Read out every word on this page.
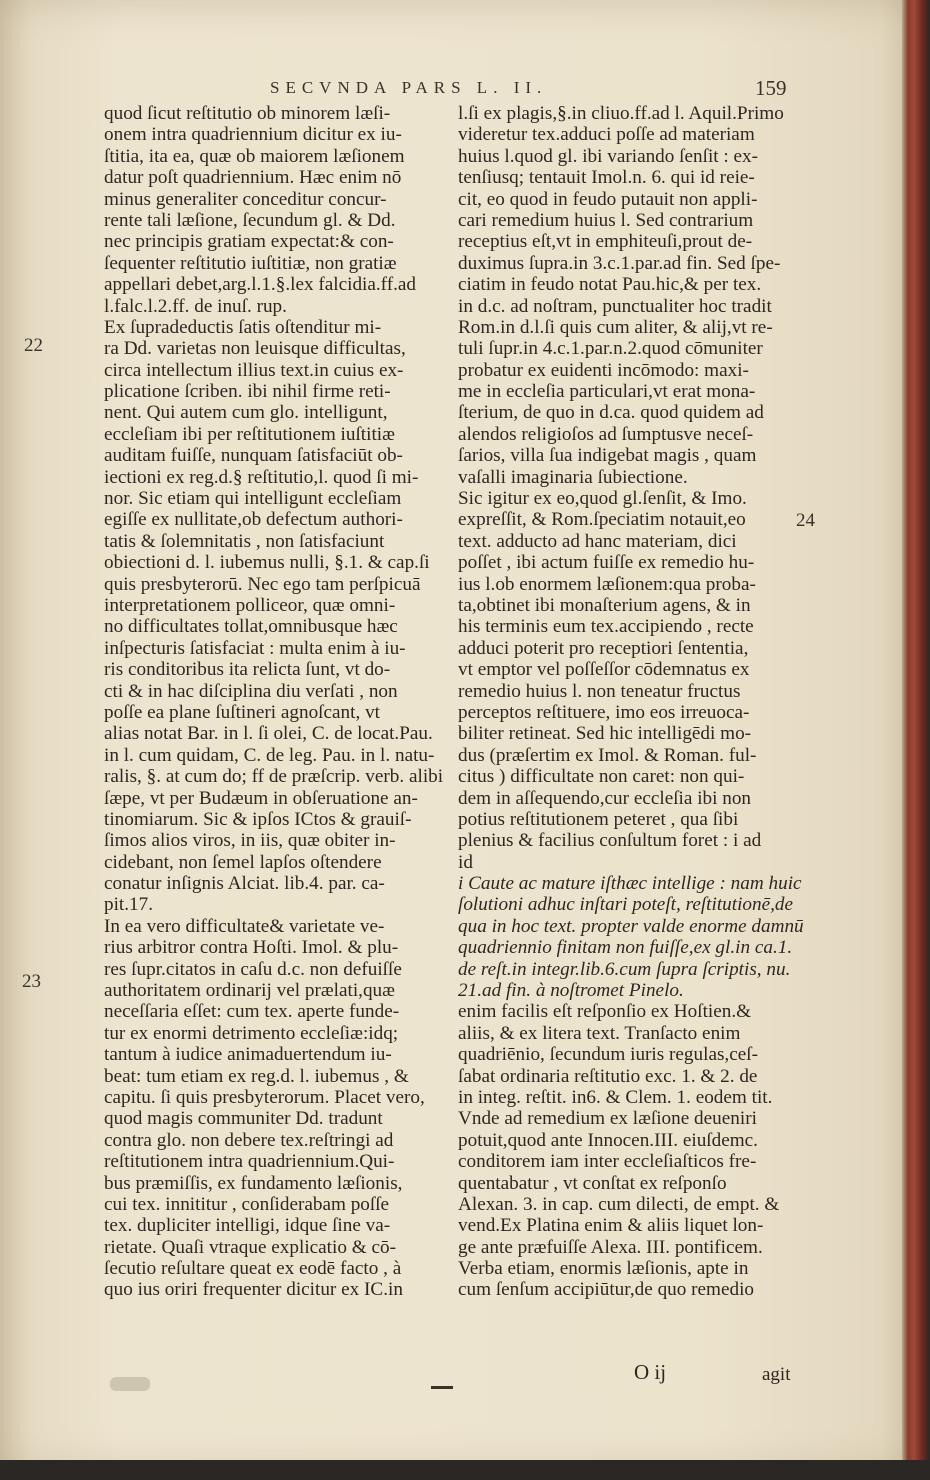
SECVNDA PARS L. II.	159
22
23
24
quod ſicut reſtitutio ob minorem læſi-
onem intra quadriennium dicitur ex iu-
ſtitia, ita ea, quæ ob maiorem læſionem
datur poſt quadriennium. Hæc enim nō
minus generaliter conceditur concur-
rente tali læſione, ſecundum gl. & Dd.
nec principis gratiam expectat:& con-
ſequenter reſtitutio iuſtitiæ, non gratiæ
appellari debet,arg.l.1.§.lex falcidia.ff.ad
l.falc.l.2.ff. de inuſ. rup.
Ex ſupradeductis ſatis oſtenditur mi-
ra Dd. varietas non leuisque difficultas,
circa intellectum illius text.in cuius ex-
plicatione ſcriben. ibi nihil firme reti-
nent. Qui autem cum glo. intelligunt,
eccleſiam ibi per reſtitutionem iuſtitiæ
auditam fuiſſe, nunquam ſatisfaciūt ob-
iectioni ex reg.d.§ reſtitutio,l. quod ſi mi-
nor. Sic etiam qui intelligunt eccleſiam
egiſſe ex nullitate,ob defectum authori-
tatis & ſolemnitatis , non ſatisfaciunt
obiectioni d. l. iubemus nulli, §.1. & cap.ſi
quis presbyterorū. Nec ego tam perſpicuā
interpretationem polliceor, quæ omni-
no difficultates tollat,omnibusque hæc
inſpecturis ſatisfaciat : multa enim à iu-
ris conditoribus ita relicta ſunt, vt do-
cti & in hac diſciplina diu verſati , non
poſſe ea plane ſuſtineri agnoſcant, vt
alias notat Bar. in l. ſi olei, C. de locat.Pau.
in l. cum quidam, C. de leg. Pau. in l. natu-
ralis, §. at cum do; ff de præſcrip. verb. alibi
ſæpe, vt per Budæum in obſeruatione an-
tinomiarum. Sic & ipſos ICtos & grauiſ-
ſimos alios viros, in iis, quæ obiter in-
cidebant, non ſemel lapſos oſtendere
conatur inſignis Alciat. lib.4. par. ca-
pit.17.
In ea vero difficultate& varietate ve-
rius arbitror contra Hoſti. Imol. & plu-
res ſupr.citatos in caſu d.c. non defuiſſe
authoritatem ordinarij vel prælati,quæ
neceſſaria eſſet: cum tex. aperte funde-
tur ex enormi detrimento eccleſiæ:idq;
tantum à iudice animaduertendum iu-
beat: tum etiam ex reg.d. l. iubemus , &
capitu. ſi quis presbyterorum. Placet vero,
quod magis communiter Dd. tradunt
contra glo. non debere tex.reſtringi ad
reſtitutionem intra quadriennium.Qui-
bus præmiſſis, ex fundamento læſionis,
cui tex. innititur , conſiderabam poſſe
tex. dupliciter intelligi, idque ſine va-
rietate. Quaſi vtraque explicatio & cō-
ſecutio reſultare queat ex eodē facto , à
quo ius oriri frequenter dicitur ex IC.in
l.ſi ex plagis,§.in cliuo.ff.ad l. Aquil.Primo
videretur tex.adduci poſſe ad materiam
huius l.quod gl. ibi variando ſenſit : ex-
tenſiusq; tentauit Imol.n. 6. qui id reie-
cit, eo quod in feudo putauit non appli-
cari remedium huius l. Sed contrarium
receptius eſt,vt in emphiteuſi,prout de-
duximus ſupra.in 3.c.1.par.ad fin. Sed ſpe-
ciatim in feudo notat Pau.hic,& per tex.
in d.c. ad noſtram, punctualiter hoc tradit
Rom.in d.l.ſi quis cum aliter, & alij,vt re-
tuli ſupr.in 4.c.1.par.n.2.quod cōmuniter
probatur ex euidenti incōmodo: maxi-
me in eccleſia particulari,vt erat mona-
ſterium, de quo in d.ca. quod quidem ad
alendos religioſos ad ſumptusve neceſ-
ſarios, villa ſua indigebat magis , quam
vaſalli imaginaria ſubiectione.
Sic igitur ex eo,quod gl.ſenſit, & Imo.
expreſſit, & Rom.ſpeciatim notauit,eo
text. adducto ad hanc materiam, dici
poſſet , ibi actum fuiſſe ex remedio hu-
ius l.ob enormem læſionem:qua proba-
ta,obtinet ibi monaſterium agens, & in
his terminis eum tex.accipiendo , recte
adduci poterit pro receptiori ſententia,
vt emptor vel poſſeſſor cōdemnatus ex
remedio huius l. non teneatur fructus
perceptos reſtituere, imo eos irreuoca-
biliter retineat. Sed hic intelligēdi mo-
dus (præſertim ex Imol. & Roman. ful-
citus ) difficultate non caret: non qui-
dem in aſſequendo,cur eccleſia ibi non
potius reſtitutionem peteret , qua ſibi
plenius & facilius conſultum foret : i ad
id
i Caute ac mature iſthæc intellige : nam huic
ſolutioni adhuc inſtari poteſt, reſtitutionē,de
qua in hoc text. propter valde enorme damnū
quadriennio finitam non fuiſſe,ex gl.in ca.1.
de reſt.in integr.lib.6.cum ſupra ſcriptis, nu.
21.ad fin. à noſtromet Pinelo.
enim facilis eſt reſponſio ex Hoſtien.&
aliis, & ex litera text. Tranſacto enim
quadriēnio, ſecundum iuris regulas,ceſ-
ſabat ordinaria reſtitutio exc. 1. & 2. de
in integ. reſtit. in6. & Clem. 1. eodem tit.
Vnde ad remedium ex læſione deueniri
potuit,quod ante Innocen.III. eiuſdemc.
conditorem iam inter eccleſiaſticos fre-
quentabatur , vt conſtat ex reſponſo
Alexan. 3. in cap. cum dilecti, de empt. &
vend.Ex Platina enim & aliis liquet lon-
ge ante præfuiſſe Alexa. III. pontificem.
Verba etiam, enormis læſionis, apte in
cum ſenſum accipiūtur,de quo remedio
O ij	agit
